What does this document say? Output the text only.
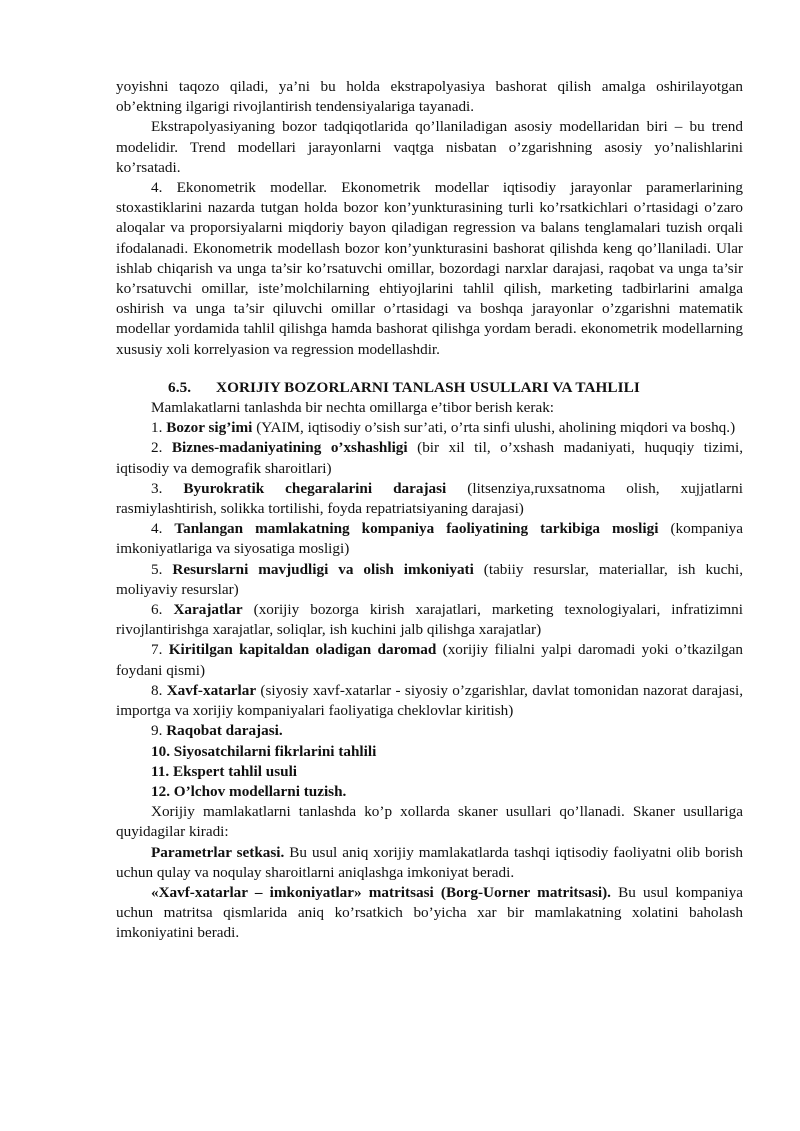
yoyishni taqozo qiladi, ya’ni bu holda ekstrapolyasiya bashorat qilish amalga oshirilayotgan ob’ektning ilgarigi rivojlantirish tendensiyalariga tayanadi.

Ekstrapolyasiyaning bozor tadqiqotlarida qo’llaniladigan asosiy modellaridan biri – bu trend modelidir. Trend modellari jarayonlarni vaqtga nisbatan o’zgarishning asosiy yo’nalishlarini ko’rsatadi.

4. Ekonometrik modellar. Ekonometrik modellar iqtisodiy jarayonlar paramerlarining stoxastiklarini nazarda tutgan holda bozor kon’yunkturasining turli ko’rsatkichlari o’rtasidagi o’zaro aloqalar va proporsiyalarni miqdoriy bayon qiladigan regression va balans tenglamalari tuzish orqali ifodalanadi. Ekonometrik modellash bozor kon’yunkturasini bashorat qilishda keng qo’llaniladi. Ular ishlab chiqarish va unga ta’sir ko’rsatuvchi omillar, bozordagi narxlar darajasi, raqobat va unga ta’sir ko’rsatuvchi omillar, iste’molchilarning ehtiyojlarini tahlil qilish, marketing tadbirlarini amalga oshirish va unga ta’sir qiluvchi omillar o’rtasidagi va boshqa jarayonlar o’zgarishni matematik modellar yordamida tahlil qilishga hamda bashorat qilishga yordam beradi. ekonometrik modellarning xususiy xoli korrelyasion va regression modellashdir.

6.5. XORIJIY BOZORLARNI TANLASH USULLARI VA TAHLILI

Mamlakatlarni tanlashda bir nechta omillarga e’tibor berish kerak:

1. Bozor sig’imi (YAIM, iqtisodiy o’sish sur’ati, o’rta sinfi ulushi, aholining miqdori va boshq.)

2. Biznes-madaniyatining o’xshashligi (bir xil til, o’xshash madaniyati, huquqiy tizimi, iqtisodiy va demografik sharoitlari)

3. Byurokratik chegaralarini darajasi (litsenziya,ruxsatnoma olish, xujjatlarni rasmiylashtirish, solikka tortilishi, foyda repatriatsiyaning darajasi)

4. Tanlangan mamlakatning kompaniya faoliyatining tarkibiga mosligi (kompaniya imkoniyatlariga va siyosatiga mosligi)

5. Resurslarni mavjudligi va olish imkoniyati (tabiiy resurslar, materiallar, ish kuchi, moliyaviy resurslar)

6. Xarajatlar (xorijiy bozorga kirish xarajatlari, marketing texnologiyalari, infratizimni rivojlantirishga xarajatlar, soliqlar, ish kuchini jalb qilishga xarajatlar)

7. Kiritilgan kapitaldan oladigan daromad (xorijiy filialni yalpi daromadi yoki o’tkazilgan foydani qismi)

8. Xavf-xatarlar (siyosiy xavf-xatarlar - siyosiy o’zgarishlar, davlat tomonidan nazorat darajasi, importga va xorijiy kompaniyalari faoliyatiga cheklovlar kiritish)

9. Raqobat darajasi.

10. Siyosatchilarni fikrlarini tahlili

11. Ekspert tahlil usuli

12. O’lchov modellarni tuzish.

Xorijiy mamlakatlarni tanlashda ko’p xollarda skaner usullari qo’llanadi. Skaner usullariga quyidagilar kiradi:

Parametrlar setkasi. Bu usul aniq xorijiy mamlakatlarda tashqi iqtisodiy faoliyatni olib borish uchun qulay va noqulay sharoitlarni aniqlashga imkoniyat beradi.

«Xavf-xatarlar – imkoniyatlar» matritsasi (Borg-Uorner matritsasi). Bu usul kompaniya uchun matritsa qismlarida aniq ko’rsatkich bo’yicha xar bir mamlakatning xolatini baholash imkoniyatini beradi.
